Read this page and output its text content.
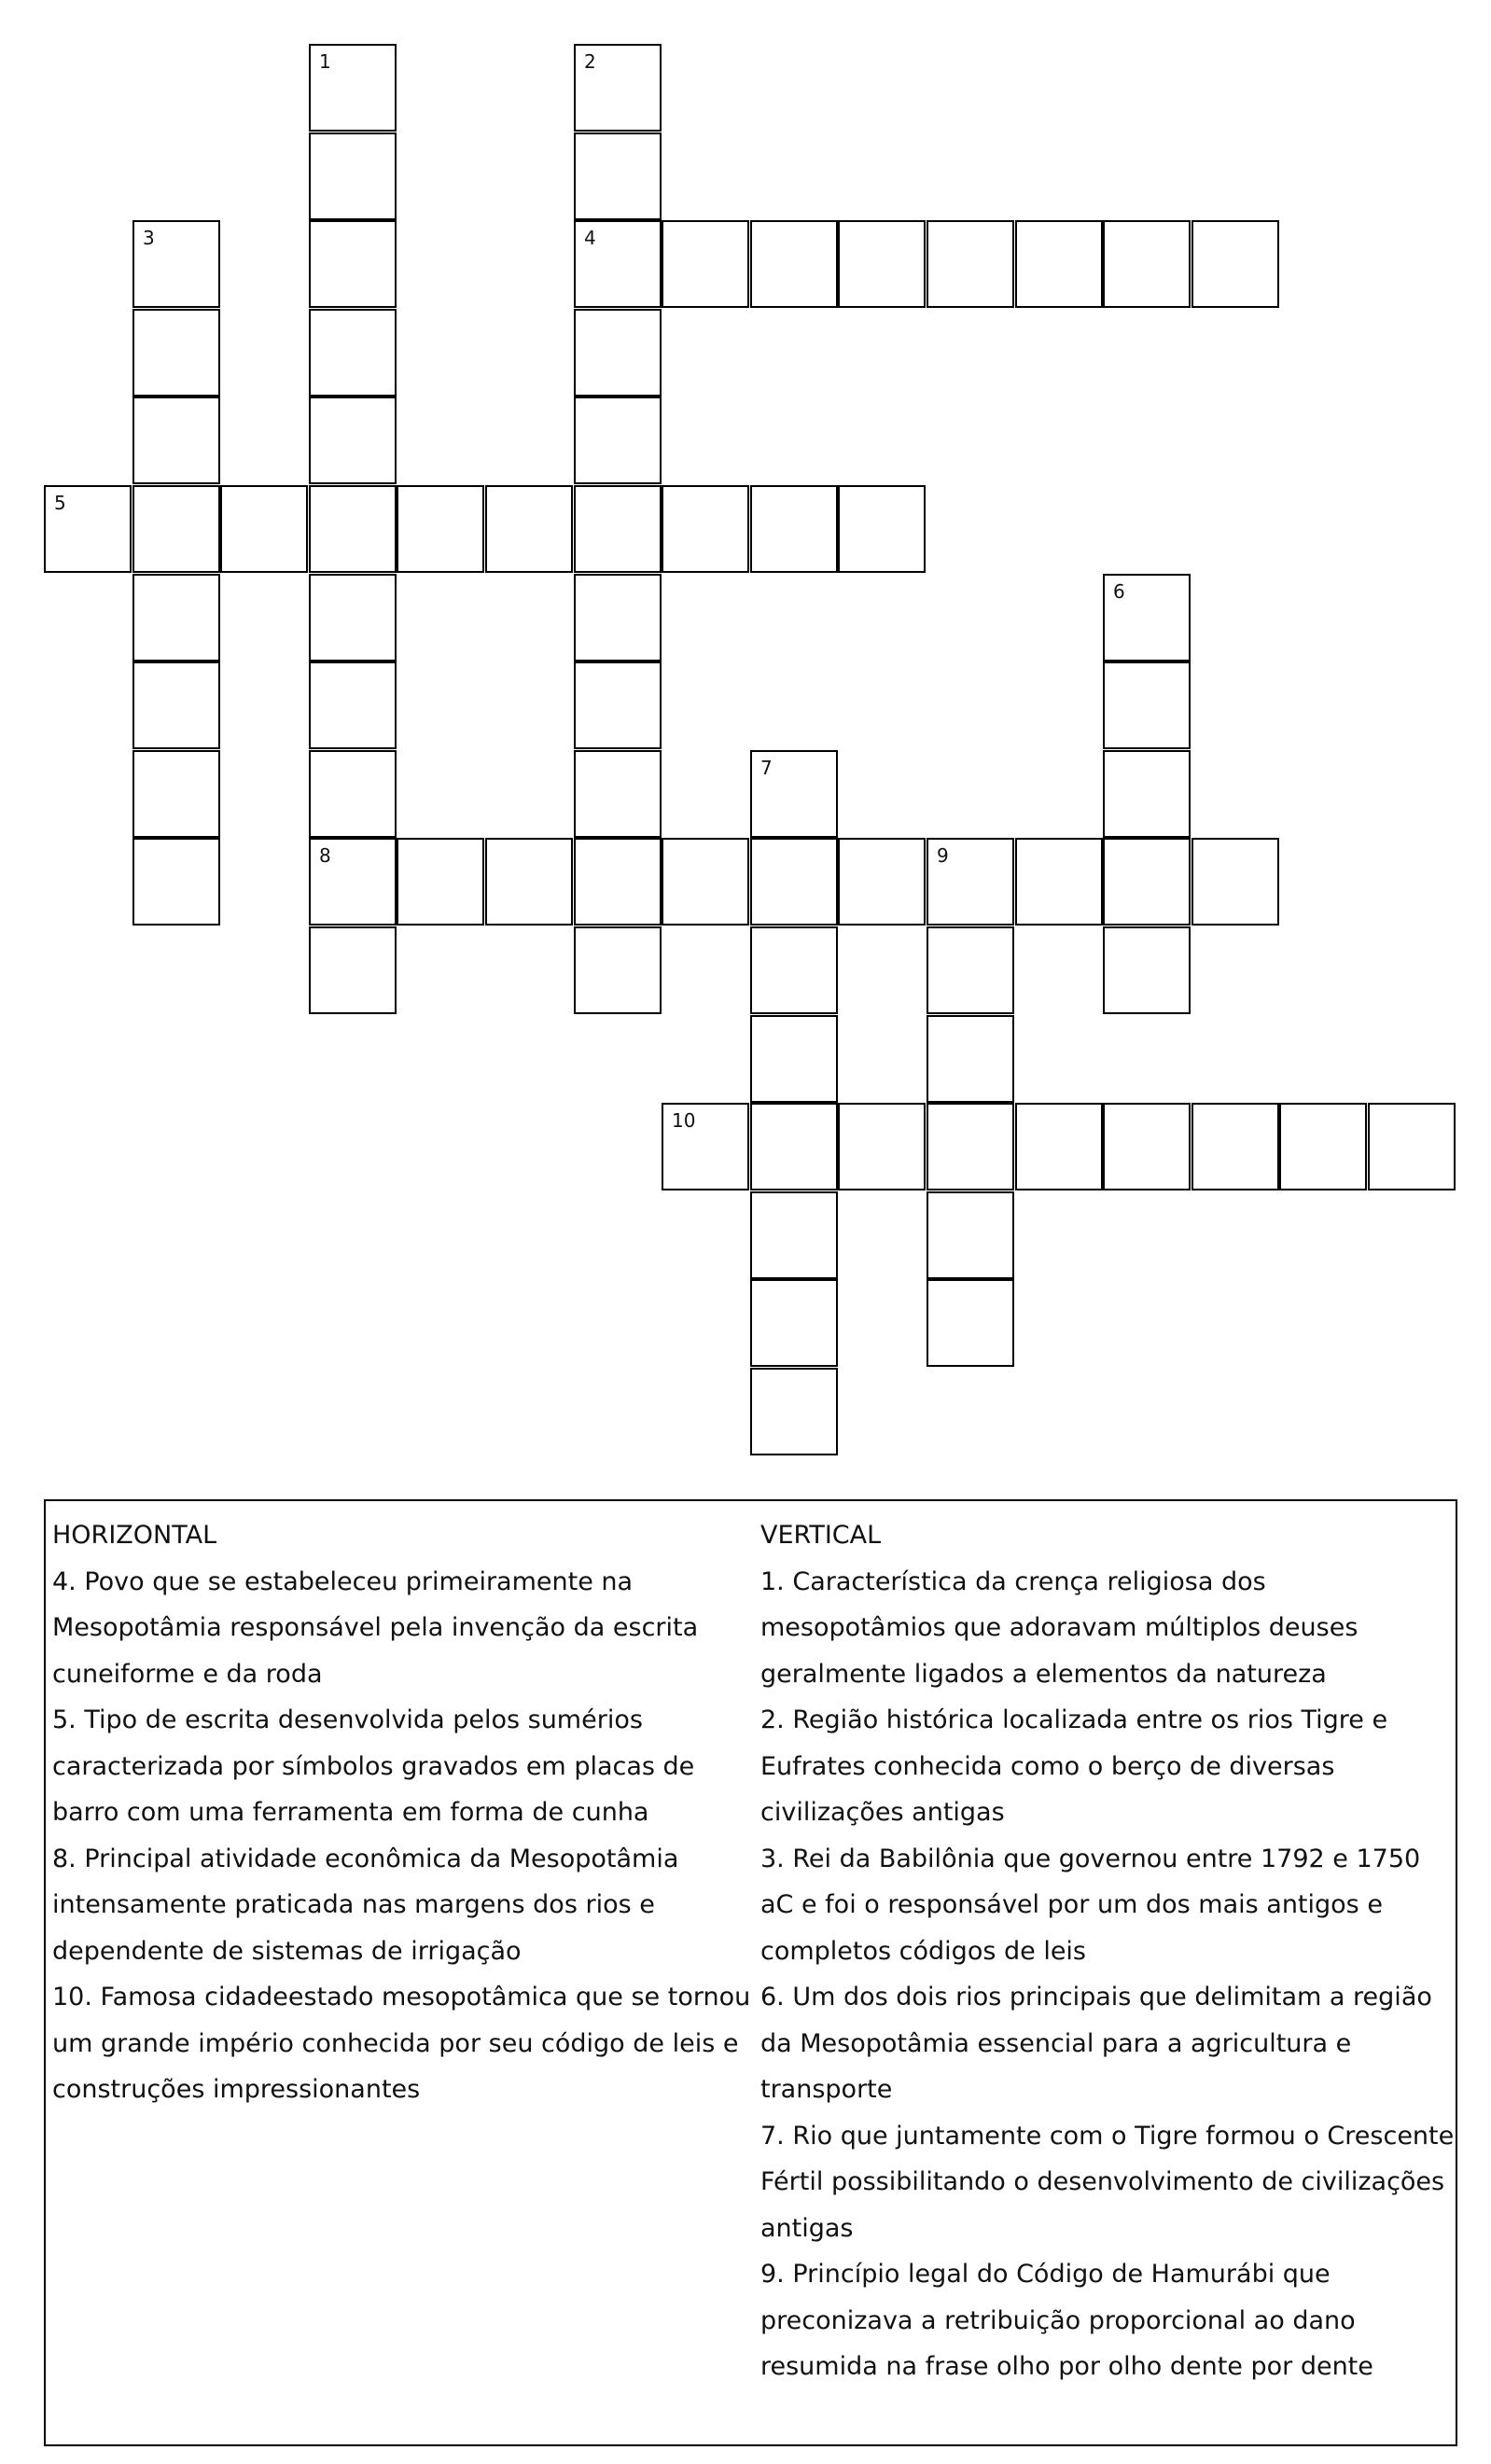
1
8
2
4
3
5
6
7
9
10
HORIZONTAL
4. Povo que se estabeleceu primeiramente na
Mesopotâmia responsável pela invenção da escrita
cuneiforme e da roda
5. Tipo de escrita desenvolvida pelos sumérios
caracterizada por símbolos gravados em placas de
barro com uma ferramenta em forma de cunha
8. Principal atividade econômica da Mesopotâmia
intensamente praticada nas margens dos rios e
dependente de sistemas de irrigação
10. Famosa cidadeestado mesopotâmica que se tornou
um grande império conhecida por seu código de leis e
construções impressionantes
VERTICAL
1. Característica da crença religiosa dos
mesopotâmios que adoravam múltiplos deuses
geralmente ligados a elementos da natureza
2. Região histórica localizada entre os rios Tigre e
Eufrates conhecida como o berço de diversas
civilizações antigas
3. Rei da Babilônia que governou entre 1792 e 1750
aC e foi o responsável por um dos mais antigos e
completos códigos de leis
6. Um dos dois rios principais que delimitam a região
da Mesopotâmia essencial para a agricultura e
transporte
7. Rio que juntamente com o Tigre formou o Crescente
Fértil possibilitando o desenvolvimento de civilizações
antigas
9. Princípio legal do Código de Hamurábi que
preconizava a retribuição proporcional ao dano
resumida na frase olho por olho dente por dente
